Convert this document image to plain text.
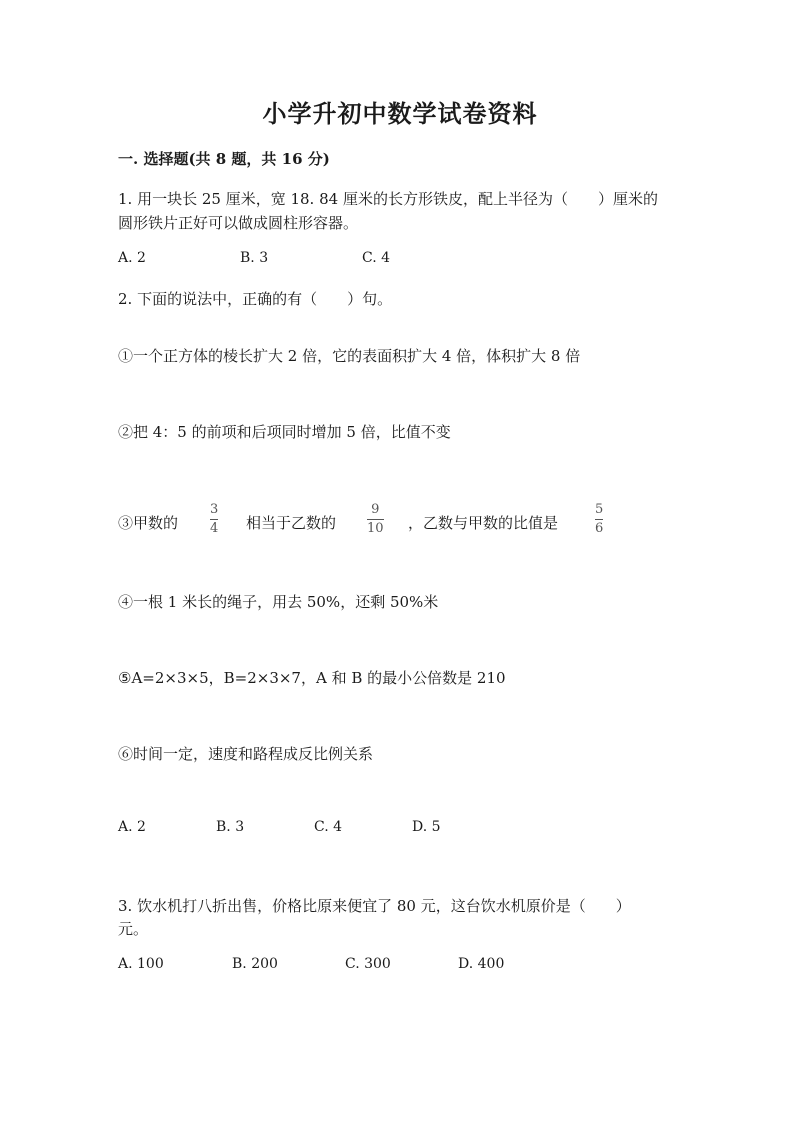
小学升初中数学试卷资料
一. 选择题(共 8 题，共 16 分)
1. 用一块长 25 厘米，宽 18. 84 厘米的长方形铁皮，配上半径为（　　）厘米的
圆形铁片正好可以做成圆柱形容器。
A. 2	B. 3	C. 4
2. 下面的说法中，正确的有（　　）句。
①一个正方体的棱长扩大 2 倍，它的表面积扩大 4 倍，体积扩大 8 倍
②把 4：5 的前项和后项同时增加 5 倍，比值不变
③甲数的
3
4 相当于乙数的
9
10 ，乙数与甲数的比值是
5
6
④一根 1 米长的绳子，用去 50%，还剩 50%米
⑤A=2×3×5，B=2×3×7，A 和 B 的最小公倍数是 210
⑥时间一定，速度和路程成反比例关系
A. 2	B. 3	C. 4	D. 5
3. 饮水机打八折出售，价格比原来便宜了 80 元，这台饮水机原价是（　　）
元。
A. 100	B. 200	C. 300	D. 400
